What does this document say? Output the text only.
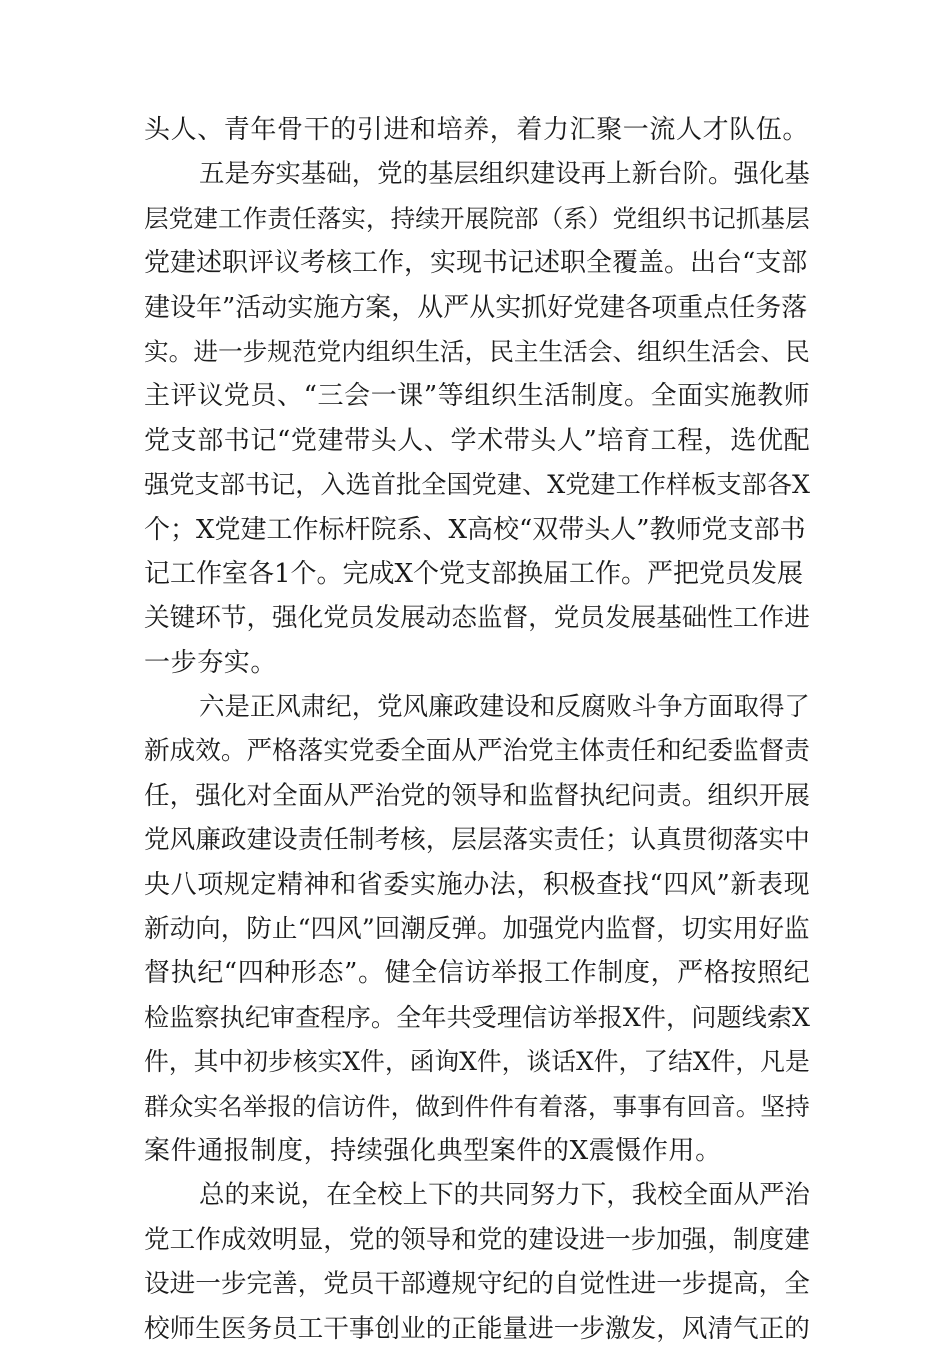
头人、青年骨干的引进和培养，着力汇聚一流人才队伍。
五是夯实基础，党的基层组织建设再上新台阶。强化基
层党建工作责任落实，持续开展院部（系）党组织书记抓基层
党建述职评议考核工作，实现书记述职全覆盖。出台“支部
建设年”活动实施方案，从严从实抓好党建各项重点任务落
实。进一步规范党内组织生活，民主生活会、组织生活会、民
主评议党员、“三会一课”等组织生活制度。全面实施教师
党支部书记“党建带头人、学术带头人”培育工程，选优配
强党支部书记，入选首批全国党建、X党建工作样板支部各X
个；X党建工作标杆院系、X高校“双带头人”教师党支部书
记工作室各1个。完成X个党支部换届工作。严把党员发展
关键环节，强化党员发展动态监督，党员发展基础性工作进
一步夯实。
六是正风肃纪，党风廉政建设和反腐败斗争方面取得了
新成效。严格落实党委全面从严治党主体责任和纪委监督责
任，强化对全面从严治党的领导和监督执纪问责。组织开展
党风廉政建设责任制考核，层层落实责任；认真贯彻落实中
央八项规定精神和省委实施办法，积极查找“四风”新表现
新动向，防止“四风”回潮反弹。加强党内监督，切实用好监
督执纪“四种形态”。健全信访举报工作制度，严格按照纪
检监察执纪审查程序。全年共受理信访举报X件，问题线索X
件，其中初步核实X件，函询X件，谈话X件，了结X件，凡是
群众实名举报的信访件，做到件件有着落，事事有回音。坚持
案件通报制度，持续强化典型案件的X震慑作用。
总的来说，在全校上下的共同努力下，我校全面从严治
党工作成效明显，党的领导和党的建设进一步加强，制度建
设进一步完善，党员干部遵规守纪的自觉性进一步提高，全
校师生医务员工干事创业的正能量进一步激发，风清气正的
